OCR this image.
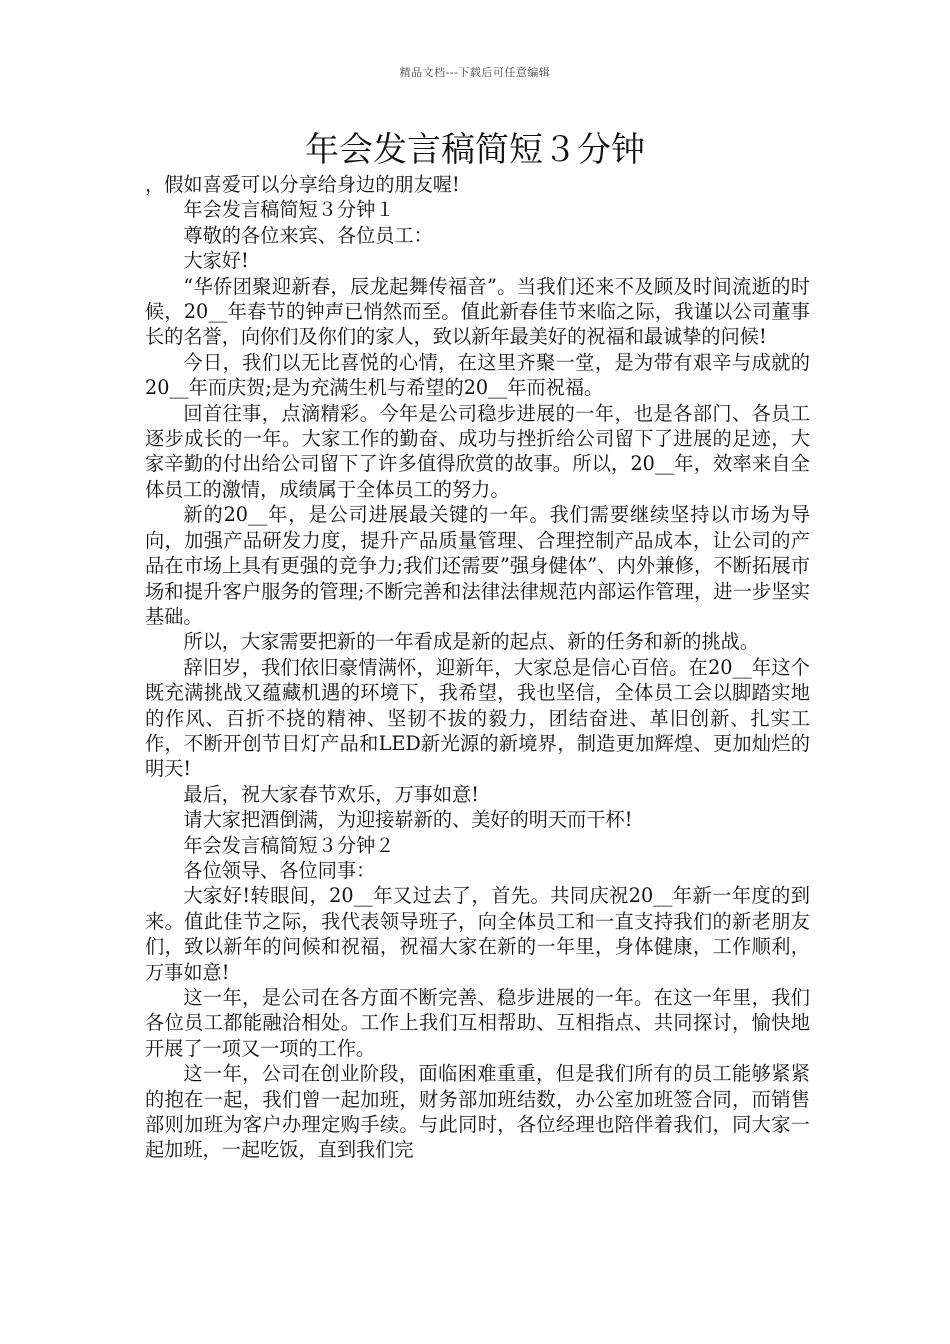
精品文档---下载后可任意编辑
年会发言稿简短３分钟

，假如喜爱可以分享给身边的朋友喔!

年会发言稿简短３分钟１

尊敬的各位来宾、各位员工：

大家好!

“华侨团聚迎新春，辰龙起舞传福音”。当我们还来不及顾及时间流逝的时候，20__年春节的钟声已悄然而至。值此新春佳节来临之际，我谨以公司董事长的名誉，向你们及你们的家人，致以新年最美好的祝福和最诚挚的问候!

今日，我们以无比喜悦的心情，在这里齐聚一堂，是为带有艰辛与成就的20__年而庆贺;是为充满生机与希望的20__年而祝福。

回首往事，点滴精彩。今年是公司稳步进展的一年，也是各部门、各员工逐步成长的一年。大家工作的勤奋、成功与挫折给公司留下了进展的足迹，大家辛勤的付出给公司留下了许多值得欣赏的故事。所以，20__年，效率来自全体员工的激情，成绩属于全体员工的努力。

新的20__年，是公司进展最关键的一年。我们需要继续坚持以市场为导向，加强产品研发力度，提升产品质量管理、合理控制产品成本，让公司的产品在市场上具有更强的竞争力;我们还需要”强身健体”、内外兼修，不断拓展市场和提升客户服务的管理;不断完善和法律法律规范内部运作管理，进一步坚实基础。

所以，大家需要把新的一年看成是新的起点、新的任务和新的挑战。

辞旧岁，我们依旧豪情满怀，迎新年，大家总是信心百倍。在20__年这个既充满挑战又蕴藏机遇的环境下，我希望，我也坚信，全体员工会以脚踏实地的作风、百折不挠的精神、坚韧不拔的毅力，团结奋进、革旧创新、扎实工作，不断开创节日灯产品和LED新光源的新境界，制造更加辉煌、更加灿烂的明天!

最后，祝大家春节欢乐，万事如意!

请大家把酒倒满，为迎接崭新的、美好的明天而干杯!

年会发言稿简短３分钟２

各位领导、各位同事：

大家好!转眼间，20__年又过去了，首先。共同庆祝20__年新一年度的到来。值此佳节之际，我代表领导班子，向全体员工和一直支持我们的新老朋友们，致以新年的问候和祝福，祝福大家在新的一年里，身体健康，工作顺利，万事如意!

这一年，是公司在各方面不断完善、稳步进展的一年。在这一年里，我们各位员工都能融洽相处。工作上我们互相帮助、互相指点、共同探讨，愉快地开展了一项又一项的工作。

这一年，公司在创业阶段，面临困难重重，但是我们所有的员工能够紧紧的抱在一起，我们曾一起加班，财务部加班结数，办公室加班签合同，而销售部则加班为客户办理定购手续。与此同时，各位经理也陪伴着我们，同大家一起加班，一起吃饭，直到我们完
